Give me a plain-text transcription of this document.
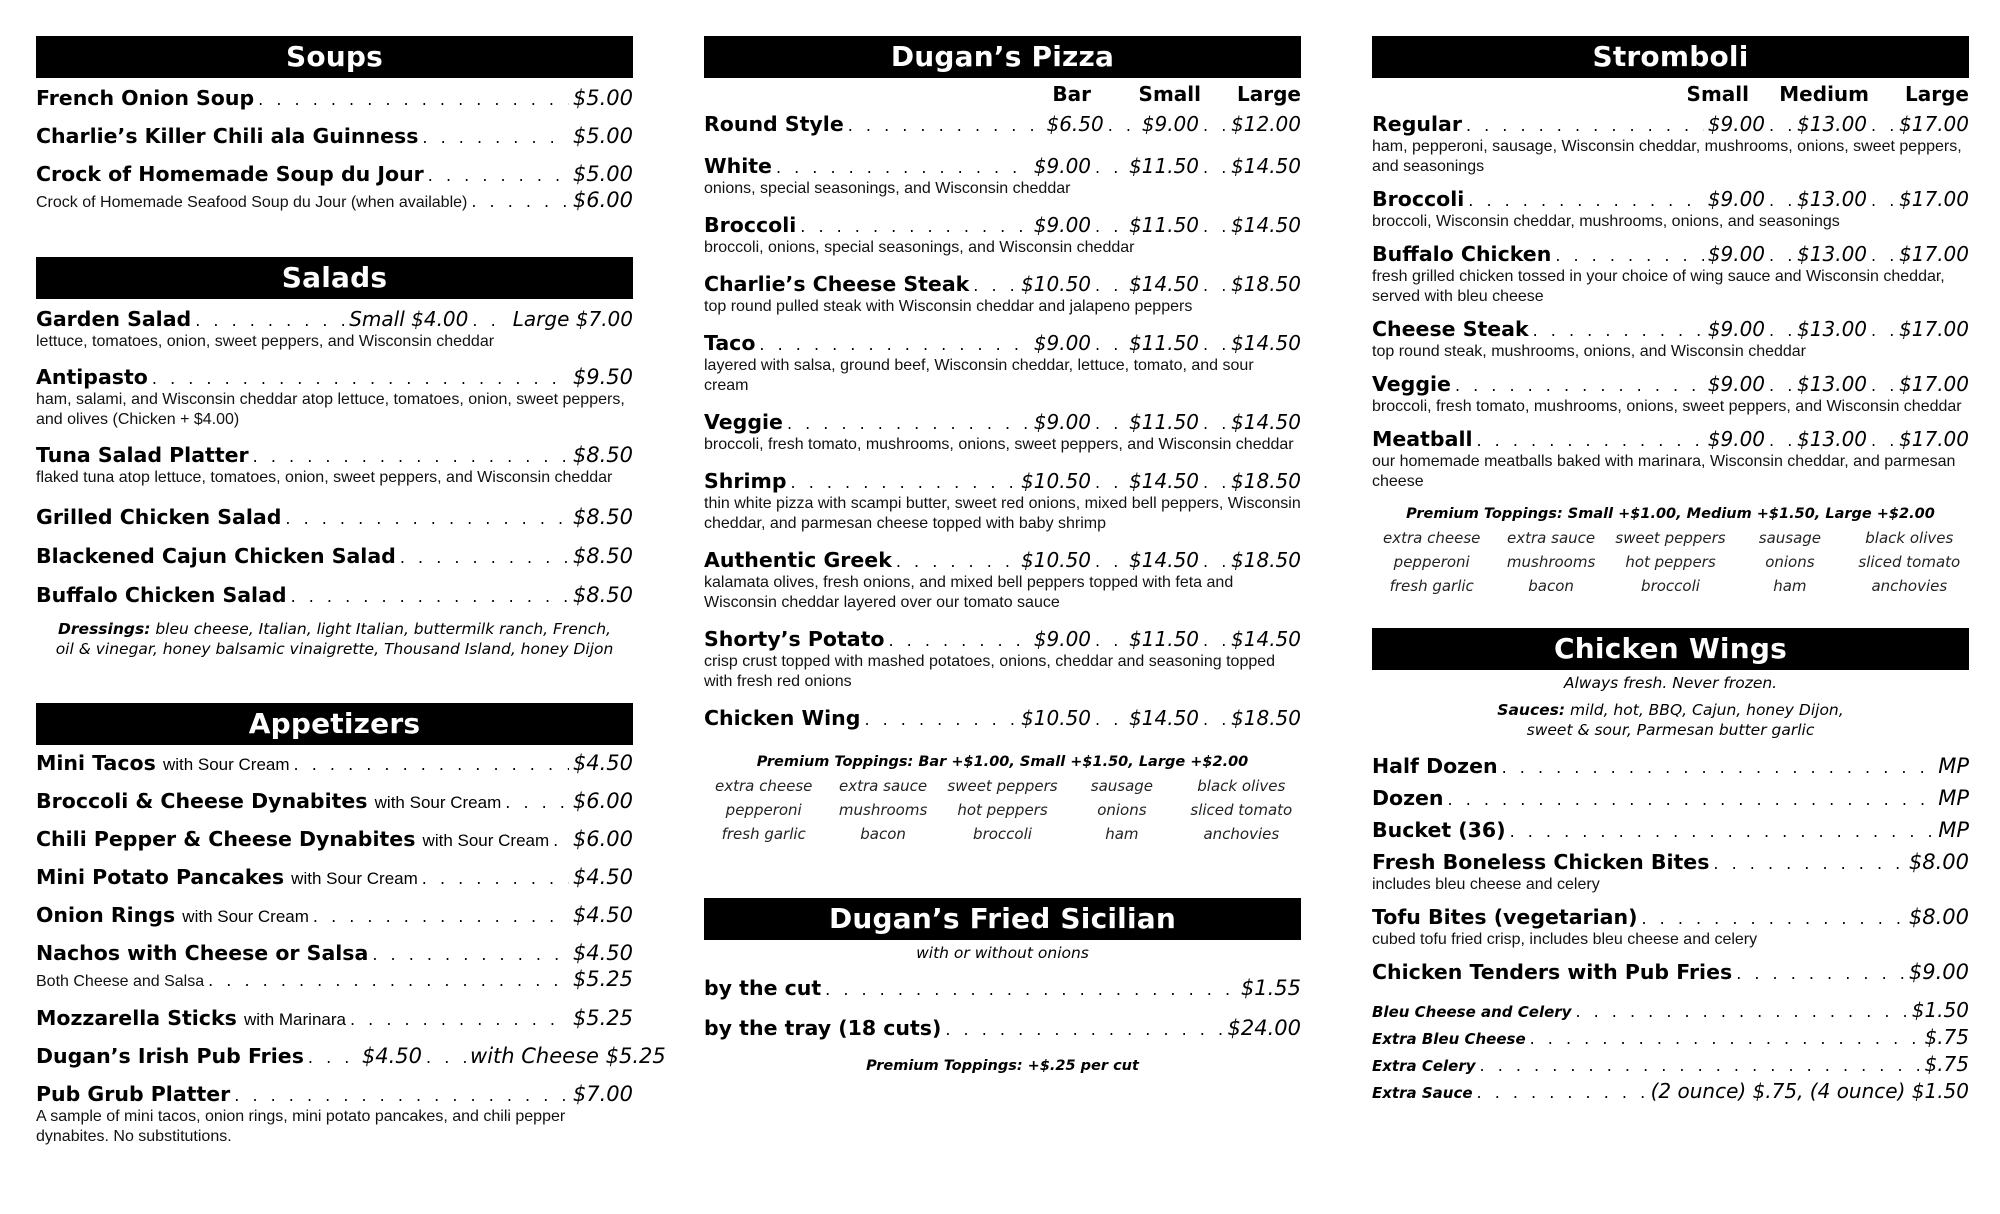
Soups
French Onion Soup . . .	$5.00
Charlie’s Killer Chili ala Guinness . . .	$5.00
Crock of Homemade Soup du Jour . . .	$5.00
Crock of Homemade Seafood Soup du Jour (when available) . . .	$6.00
Salads
Garden Salad . . .	Small $4.00 . . . Large $7.00
lettuce, tomatoes, onion, sweet peppers, and Wisconsin cheddar
Antipasto . . .	$9.50
ham, salami, and Wisconsin cheddar atop lettuce, tomatoes, onion, sweet peppers, and olives (Chicken + $4.00)
Tuna Salad Platter . . .	$8.50
flaked tuna atop lettuce, tomatoes, onion, sweet peppers, and Wisconsin cheddar
Grilled Chicken Salad . . .	$8.50
Blackened Cajun Chicken Salad . . .	$8.50
Buffalo Chicken Salad . . .	$8.50
Dressings: bleu cheese, Italian, light Italian, buttermilk ranch, French,
oil & vinegar, honey balsamic vinaigrette, Thousand Island, honey Dijon
Appetizers
Mini Tacos with Sour Cream . . .	$4.50
Broccoli & Cheese Dynabites with Sour Cream . . .	$6.00
Chili Pepper & Cheese Dynabites with Sour Cream . . . $6.00
Mini Potato Pancakes with Sour Cream . . .	$4.50
Onion Rings with Sour Cream . . .	$4.50
Nachos with Cheese or Salsa . . .	$4.50
Both Cheese and Salsa . . .	$5.25
Mozzarella Sticks with Marinara . . .	$5.25
Dugan’s Irish Pub Fries . . .	$4.50 . . . with Cheese $5.25
Pub Grub Platter . . .	$7.00
A sample of mini tacos, onion rings, mini potato pancakes, and chili pepper dynabites. No substitutions.
Dugan’s Pizza
Bar	Small	Large
Round Style . . .	$6.50 . . . $9.00 . . . $12.00
White . . .	$9.00 . . . $11.50 . . . $14.50
onions, special seasonings, and Wisconsin cheddar
Broccoli . . .	$9.00 . . . $11.50 . . . $14.50
broccoli, onions, special seasonings, and Wisconsin cheddar
Charlie’s Cheese Steak . . .	$10.50 . . . $14.50 . . . $18.50
top round pulled steak with Wisconsin cheddar and jalapeno peppers
Taco . . .	$9.00 . . . $11.50 . . . $14.50
layered with salsa, ground beef, Wisconsin cheddar, lettuce, tomato, and sour cream
Veggie . . .	$9.00 . . . $11.50 . . . $14.50
broccoli, fresh tomato, mushrooms, onions, sweet peppers, and Wisconsin cheddar
Shrimp . . .	$10.50 . . . $14.50 . . . $18.50
thin white pizza with scampi butter, sweet red onions, mixed bell peppers, Wisconsin cheddar, and parmesan cheese topped with baby shrimp
Authentic Greek . . .	$10.50 . . . $14.50 . . . $18.50
kalamata olives, fresh onions, and mixed bell peppers topped with feta and Wisconsin cheddar layered over our tomato sauce
Shorty’s Potato . . .	$9.00 . . . $11.50 . . . $14.50
crisp crust topped with mashed potatoes, onions, cheddar and seasoning topped with fresh red onions
Chicken Wing . . .	$10.50 . . . $14.50 . . . $18.50
Premium Toppings: Bar +$1.00, Small +$1.50, Large +$2.00
extra cheese	extra sauce	sweet peppers	sausage	black olives
pepperoni	mushrooms	hot peppers	onions	sliced tomato
fresh garlic	bacon	broccoli	ham	anchovies
Dugan’s Fried Sicilian
with or without onions
by the cut . . .	$1.55
by the tray (18 cuts) . . .	$24.00
Premium Toppings: +$.25 per cut
Stromboli
Small	Medium	Large
Regular . . .	$9.00 . . . $13.00 . . . $17.00
ham, pepperoni, sausage, Wisconsin cheddar, mushrooms, onions, sweet peppers, and seasonings
Broccoli . . .	$9.00 . . . $13.00 . . . $17.00
broccoli, Wisconsin cheddar, mushrooms, onions, and seasonings
Buffalo Chicken . . .	$9.00 . . . $13.00 . . . $17.00
fresh grilled chicken tossed in your choice of wing sauce and Wisconsin cheddar, served with bleu cheese
Cheese Steak . . .	$9.00 . . . $13.00 . . . $17.00
top round steak, mushrooms, onions, and Wisconsin cheddar
Veggie . . .	$9.00 . . . $13.00 . . . $17.00
broccoli, fresh tomato, mushrooms, onions, sweet peppers, and Wisconsin cheddar
Meatball . . .	$9.00 . . . $13.00 . . . $17.00
our homemade meatballs baked with marinara, Wisconsin cheddar, and parmesan cheese
Premium Toppings: Small +$1.00, Medium +$1.50, Large +$2.00
extra cheese	extra sauce	sweet peppers	sausage	black olives
pepperoni	mushrooms	hot peppers	onions	sliced tomato
fresh garlic	bacon	broccoli	ham	anchovies
Chicken Wings
Always fresh. Never frozen.
Sauces: mild, hot, BBQ, Cajun, honey Dijon,
sweet & sour, Parmesan butter garlic
Half Dozen . . .	MP
Dozen . . .	MP
Bucket (36) . . .	MP
Fresh Boneless Chicken Bites . . .	$8.00
includes bleu cheese and celery
Tofu Bites (vegetarian) . . .	$8.00
cubed tofu fried crisp, includes bleu cheese and celery
Chicken Tenders with Pub Fries . . .	$9.00
Bleu Cheese and Celery . . .	$1.50
Extra Bleu Cheese . . .	$.75
Extra Celery . . .	$.75
Extra Sauce . . .	(2 ounce) $.75, (4 ounce) $1.50
